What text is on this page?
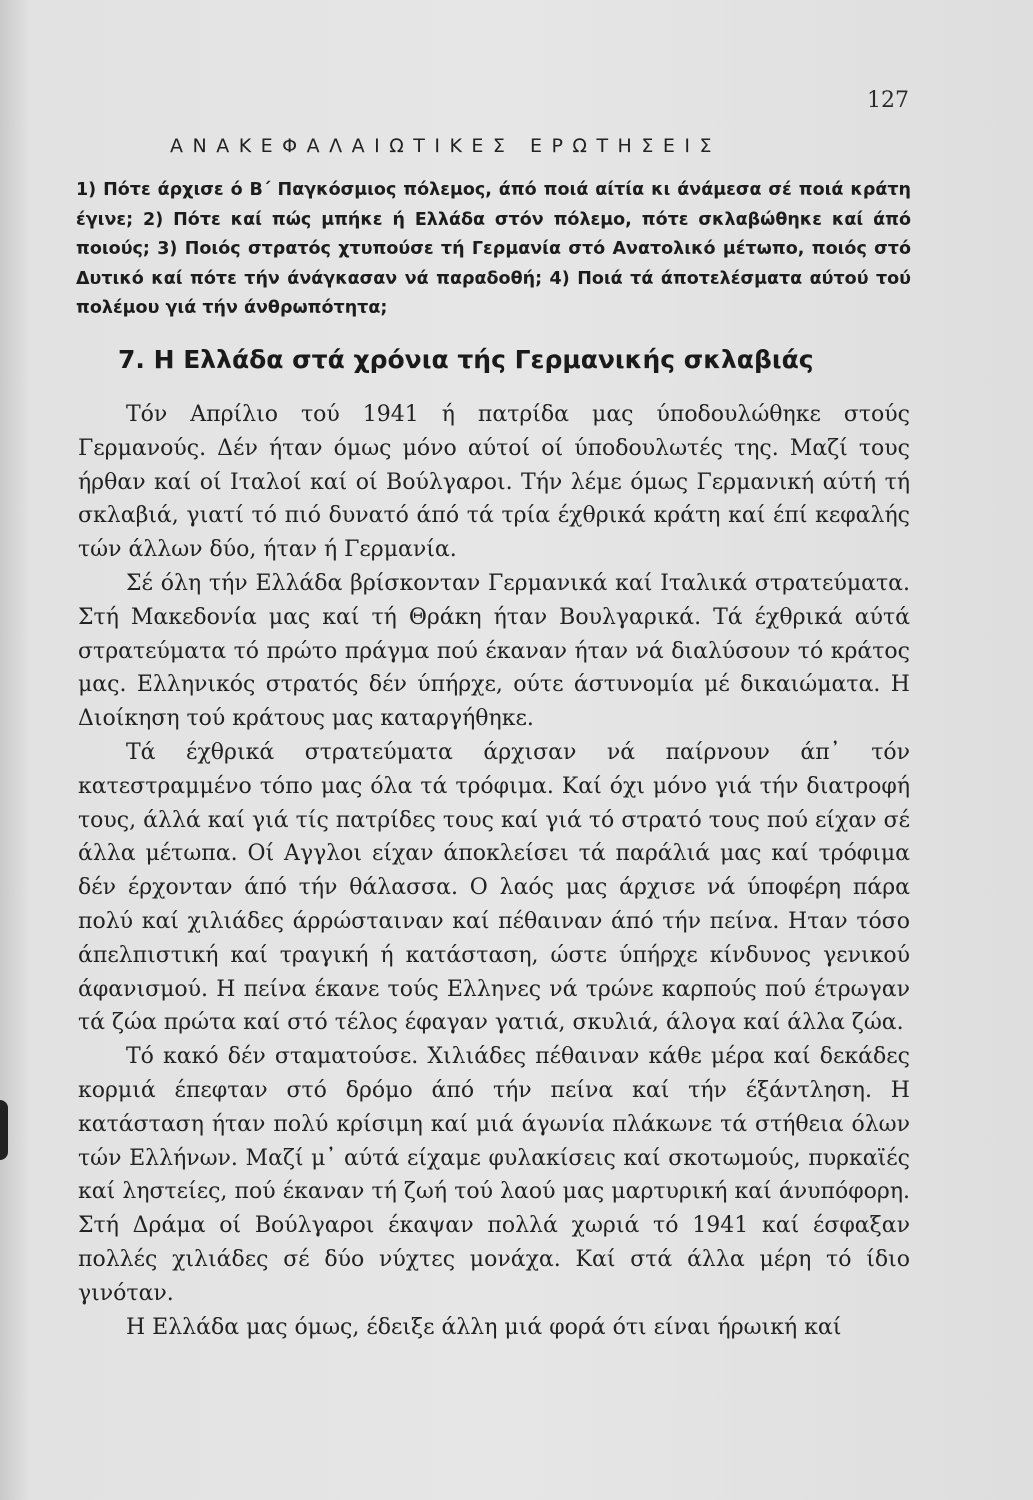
127
ΑΝΑΚΕΦΑΛΑΙΩΤΙΚΕΣ ΕΡΩΤΗΣΕΙΣ

1) Πότε άρχισε ό Β΄ Παγκόσμιος πόλεμος, άπό ποιά αίτία κι άνάμεσα σέ ποιά κράτη έγινε; 2) Πότε καί πώς μπήκε ή Ελλάδα στόν πόλεμο, πότε σκλαβώθηκε καί άπό ποιούς; 3) Ποιός στρατός χτυπούσε τή Γερμανία στό Ανατολικό μέτωπο, ποιός στό Δυτικό καί πότε τήν άνάγκασαν νά παραδοθή; 4) Ποιά τά άποτελέσματα αύτού τού πολέμου γιά τήν άνθρωπότητα;

7. Η Ελλάδα στά χρόνια τής Γερμανικής σκλαβιάς

Τόν Απρίλιο τού 1941 ή πατρίδα μας ύποδουλώθηκε στούς Γερμανούς. Δέν ήταν όμως μόνο αύτοί οί ύποδουλωτές της. Μαζί τους ήρθαν καί οί Ιταλοί καί οί Βούλγαροι. Τήν λέμε όμως Γερμανική αύτή τή σκλαβιά, γιατί τό πιό δυνατό άπό τά τρία έχθρικά κράτη καί έπί κεφαλής τών άλλων δύο, ήταν ή Γερμανία.

Σέ όλη τήν Ελλάδα βρίσκονταν Γερμανικά καί Ιταλικά στρατεύματα. Στή Μακεδονία μας καί τή Θράκη ήταν Βουλγαρικά. Τά έχθρικά αύτά στρατεύματα τό πρώτο πράγμα πού έκαναν ήταν νά διαλύσουν τό κράτος μας. Ελληνικός στρατός δέν ύπήρχε, ούτε άστυνομία μέ δικαιώματα. Η Διοίκηση τού κράτους μας καταργήθηκε.

Τά έχθρικά στρατεύματα άρχισαν νά παίρνουν άπ᾽ τόν κατεστραμμένο τόπο μας όλα τά τρόφιμα. Καί όχι μόνο γιά τήν διατροφή τους, άλλά καί γιά τίς πατρίδες τους καί γιά τό στρατό τους πού είχαν σέ άλλα μέτωπα. Οί Αγγλοι είχαν άποκλείσει τά παράλιά μας καί τρόφιμα δέν έρχονταν άπό τήν θάλασσα. Ο λαός μας άρχισε νά ύποφέρη πάρα πολύ καί χιλιάδες άρρώσταιναν καί πέθαιναν άπό τήν πείνα. Ηταν τόσο άπελπιστική καί τραγική ή κατάσταση, ώστε ύπήρχε κίνδυνος γενικού άφανισμού. Η πείνα έκανε τούς Ελληνες νά τρώνε καρπούς πού έτρωγαν τά ζώα πρώτα καί στό τέλος έφαγαν γατιά, σκυλιά, άλογα καί άλλα ζώα.

Τό κακό δέν σταματούσε. Χιλιάδες πέθαιναν κάθε μέρα καί δεκάδες κορμιά έπεφταν στό δρόμο άπό τήν πείνα καί τήν έξάντληση. Η κατάσταση ήταν πολύ κρίσιμη καί μιά άγωνία πλάκωνε τά στήθεια όλων τών Ελλήνων. Μαζί μ᾽ αύτά είχαμε φυλακίσεις καί σκοτωμούς, πυρκαϊές καί ληστείες, πού έκαναν τή ζωή τού λαού μας μαρτυρική καί άνυπόφορη. Στή Δράμα οί Βούλγαροι έκαψαν πολλά χωριά τό 1941 καί έσφαξαν πολλές χιλιάδες σέ δύο νύχτες μονάχα. Καί στά άλλα μέρη τό ίδιο γινόταν.

Η Ελλάδα μας όμως, έδειξε άλλη μιά φορά ότι είναι ήρωική καί
